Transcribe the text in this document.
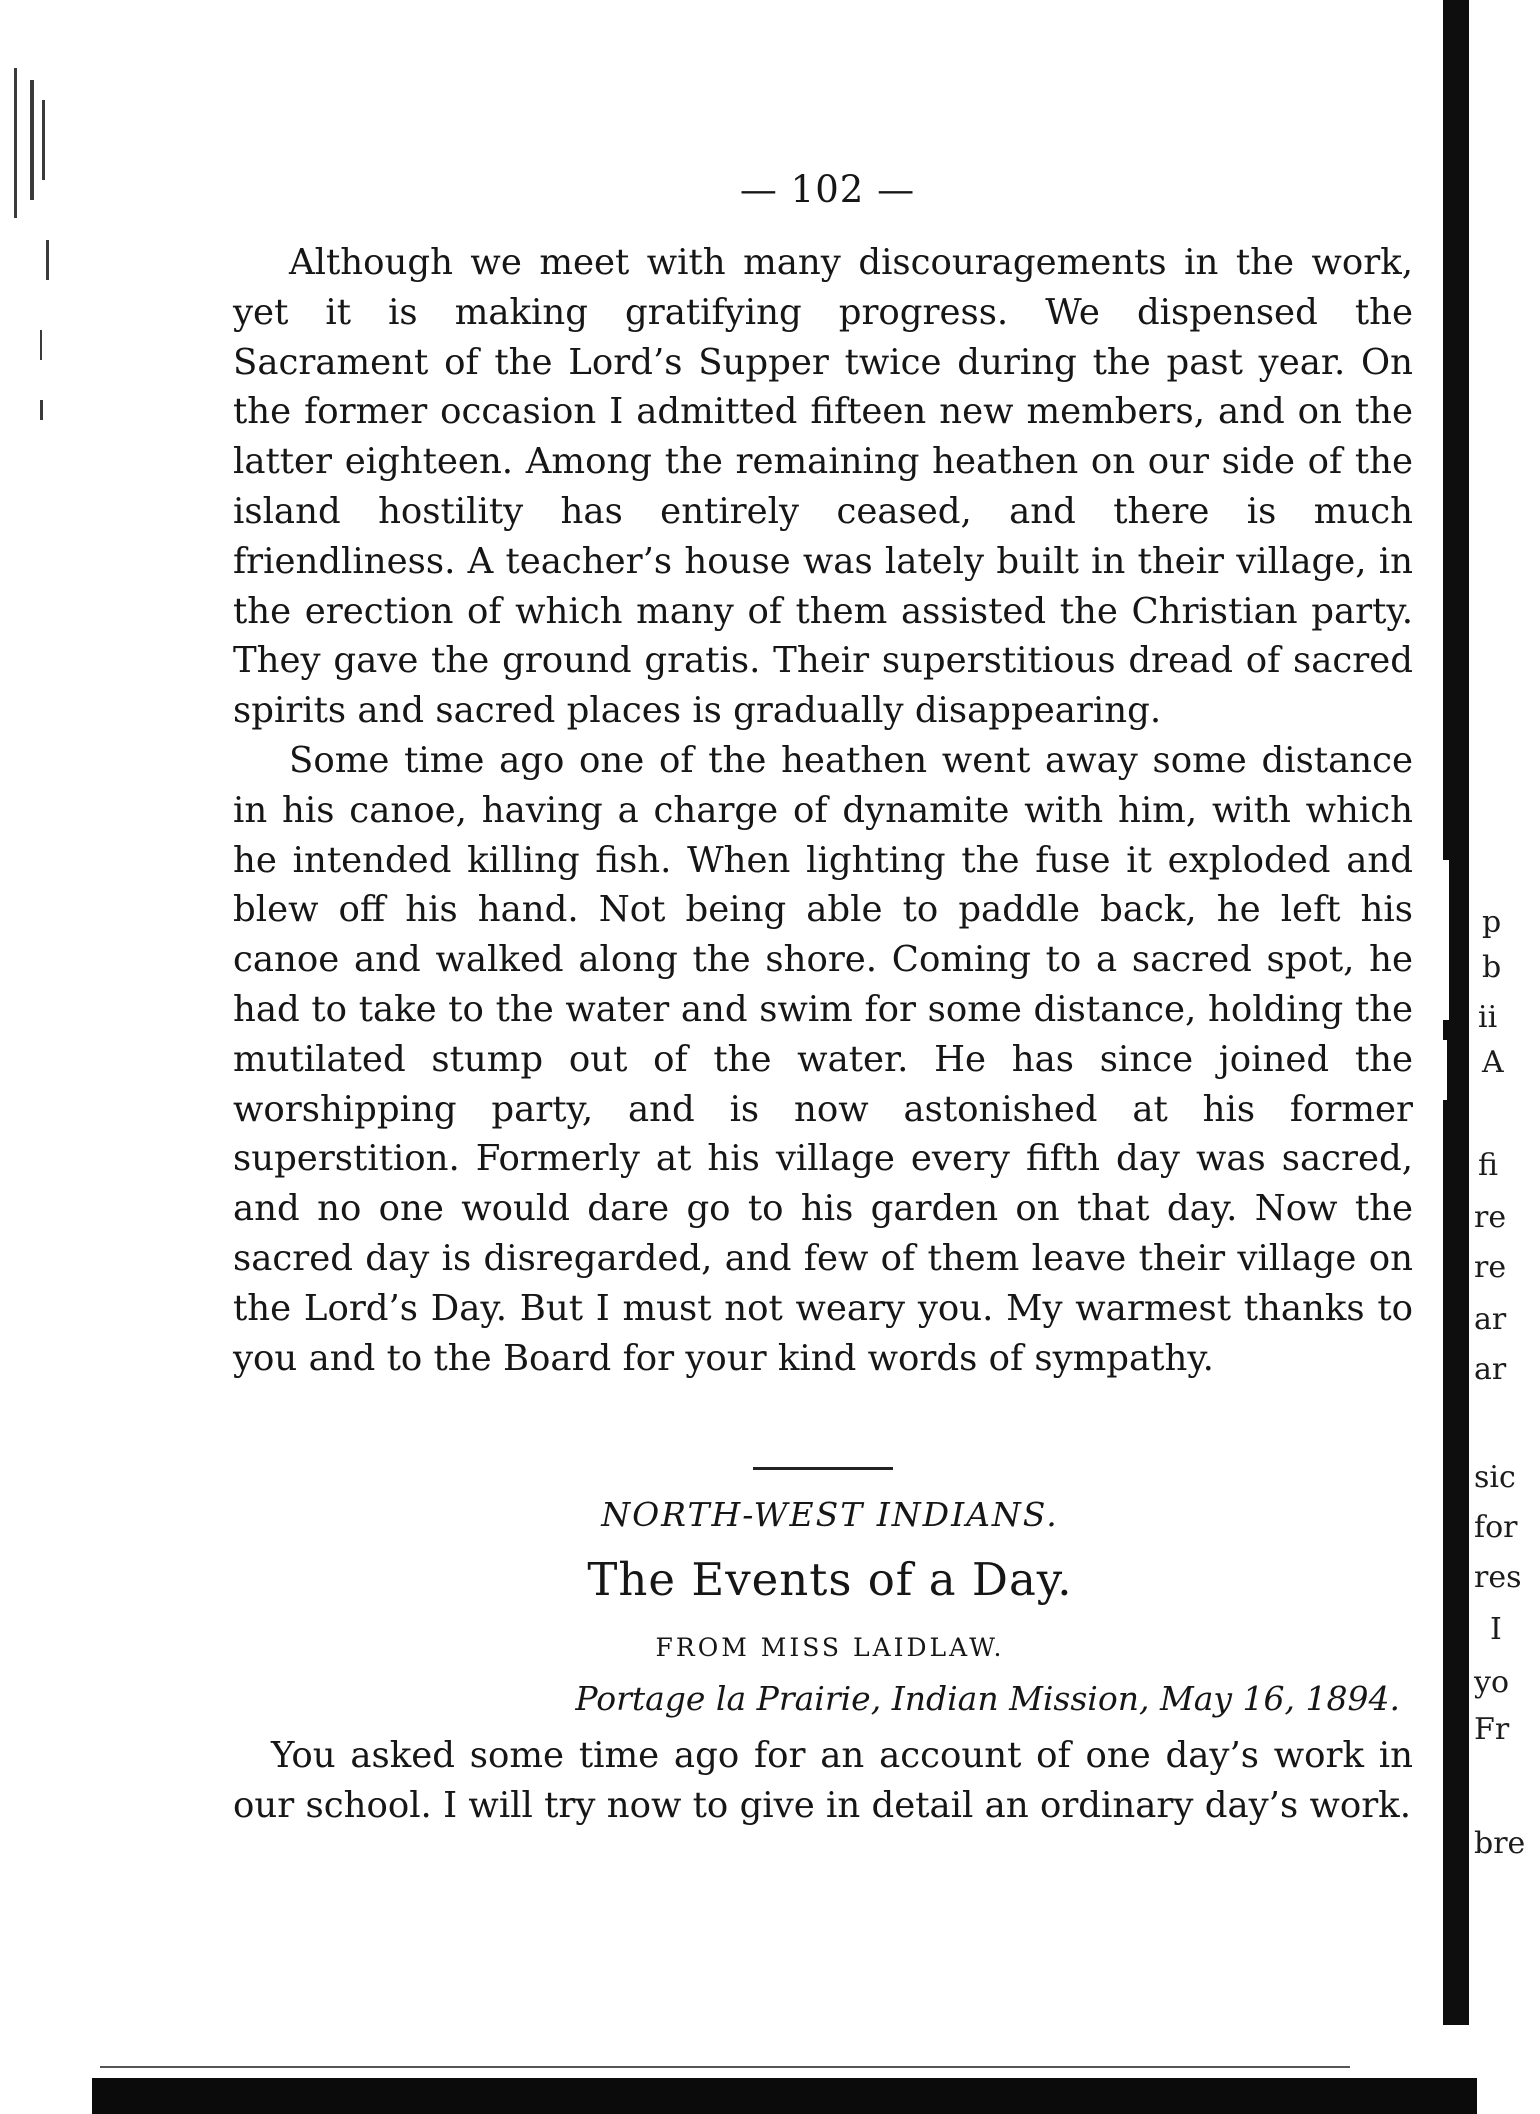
— 102 —

Although we meet with many discouragements in the work, yet it is making gratifying progress. We dispensed the Sacrament of the Lord’s Supper twice during the past year. On the former occasion I admitted fifteen new members, and on the latter eighteen. Among the remaining heathen on our side of the island hostility has entirely ceased, and there is much friendliness. A teacher’s house was lately built in their village, in the erection of which many of them assisted the Christian party. They gave the ground gratis. Their superstitious dread of sacred spirits and sacred places is gradually disappearing.

Some time ago one of the heathen went away some distance in his canoe, having a charge of dynamite with him, with which he intended killing fish. When lighting the fuse it exploded and blew off his hand. Not being able to paddle back, he left his canoe and walked along the shore. Coming to a sacred spot, he had to take to the water and swim for some distance, holding the mutilated stump out of the water. He has since joined the worshipping party, and is now astonished at his former superstition. Formerly at his village every fifth day was sacred, and no one would dare go to his garden on that day. Now the sacred day is disregarded, and few of them leave their village on the Lord’s Day. But I must not weary you. My warmest thanks to you and to the Board for your kind words of sympathy.

NORTH-WEST INDIANS.
The Events of a Day.
FROM MISS LAIDLAW.
Portage la Prairie, Indian Mission, May 16, 1894.

You asked some time ago for an account of one day’s work in our school. I will try now to give in detail an ordinary day’s work.

p
b
ii
A
fi
re
re
ar
ar
sic
for
res
I
yo
Fr
bre
